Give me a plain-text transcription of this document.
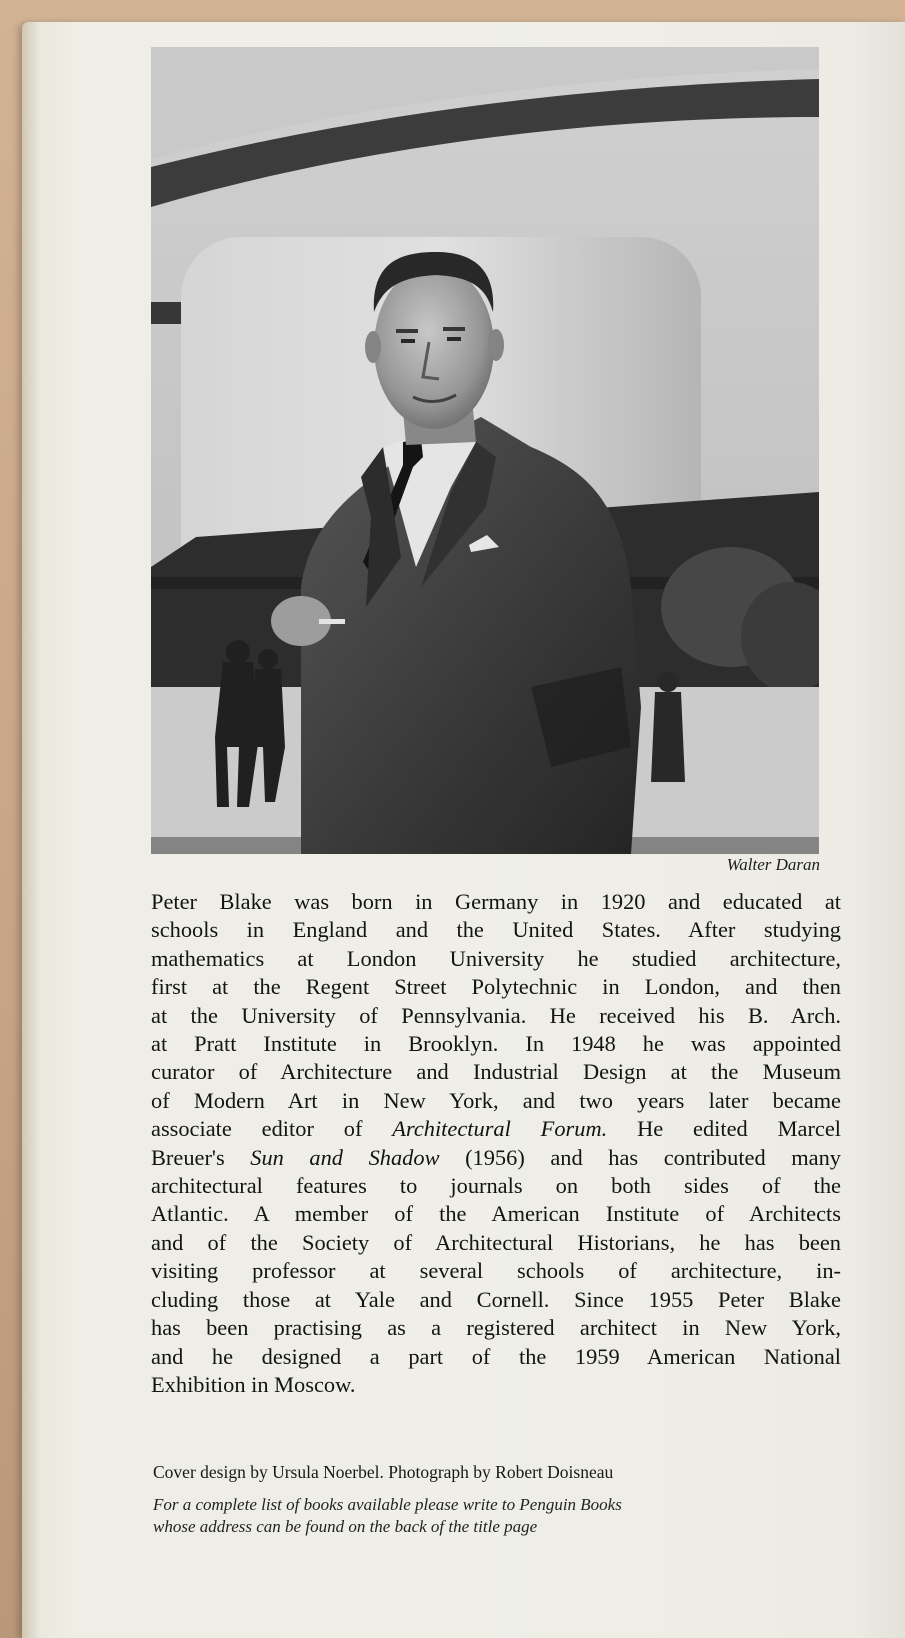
Walter Daran
Peter Blake was born in Germany in 1920 and educated at
schools in England and the United States. After studying
mathematics at London University he studied architecture,
first at the Regent Street Polytechnic in London, and then
at the University of Pennsylvania. He received his B. Arch.
at Pratt Institute in Brooklyn. In 1948 he was appointed
curator of Architecture and Industrial Design at the Museum
of Modern Art in New York, and two years later became
associate editor of Architectural Forum. He edited Marcel
Breuer's Sun and Shadow (1956) and has contributed many
architectural features to journals on both sides of the
Atlantic. A member of the American Institute of Architects
and of the Society of Architectural Historians, he has been
visiting professor at several schools of architecture, in-
cluding those at Yale and Cornell. Since 1955 Peter Blake
has been practising as a registered architect in New York,
and he designed a part of the 1959 American National
Exhibition in Moscow.
Cover design by Ursula Noerbel. Photograph by Robert Doisneau
For a complete list of books available please write to Penguin Books
whose address can be found on the back of the title page
